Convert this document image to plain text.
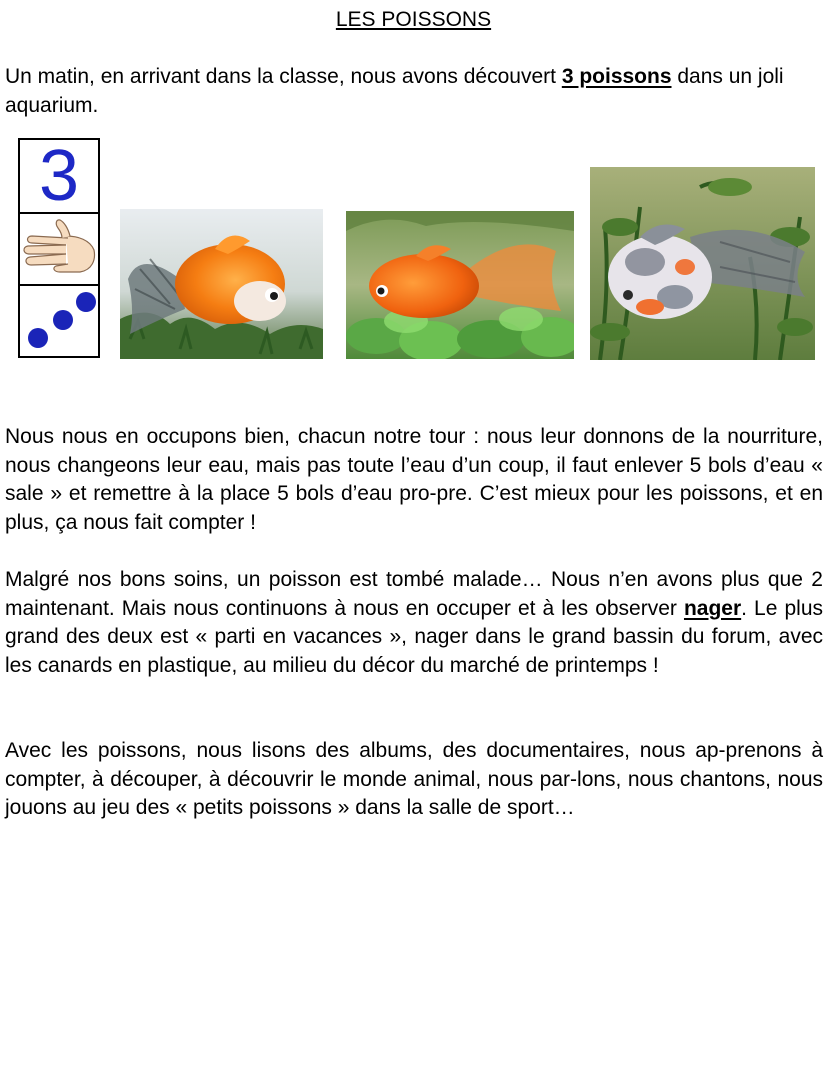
LES POISSONS

Un matin, en arrivant dans la classe, nous avons découvert 3 poissons dans un joli aquarium.

3

Nous nous en occupons bien, chacun notre tour : nous leur donnons de la nourriture, nous changeons leur eau, mais pas toute l’eau d’un coup, il faut enlever 5 bols d’eau « sale » et remettre à la place 5 bols d’eau pro-pre. C’est mieux pour les poissons, et en plus, ça nous fait compter !

Malgré nos bons soins, un poisson est tombé malade… Nous n’en avons plus que 2 maintenant. Mais nous continuons à nous en occuper et à les observer nager. Le plus grand des deux est « parti en vacances », nager dans le grand bassin du forum, avec les canards en plastique, au milieu du décor du marché de printemps !

Avec les poissons, nous lisons des albums, des documentaires, nous ap-prenons à compter, à découper, à découvrir le monde animal, nous par-lons, nous chantons, nous jouons au jeu des « petits poissons » dans la salle de sport…
